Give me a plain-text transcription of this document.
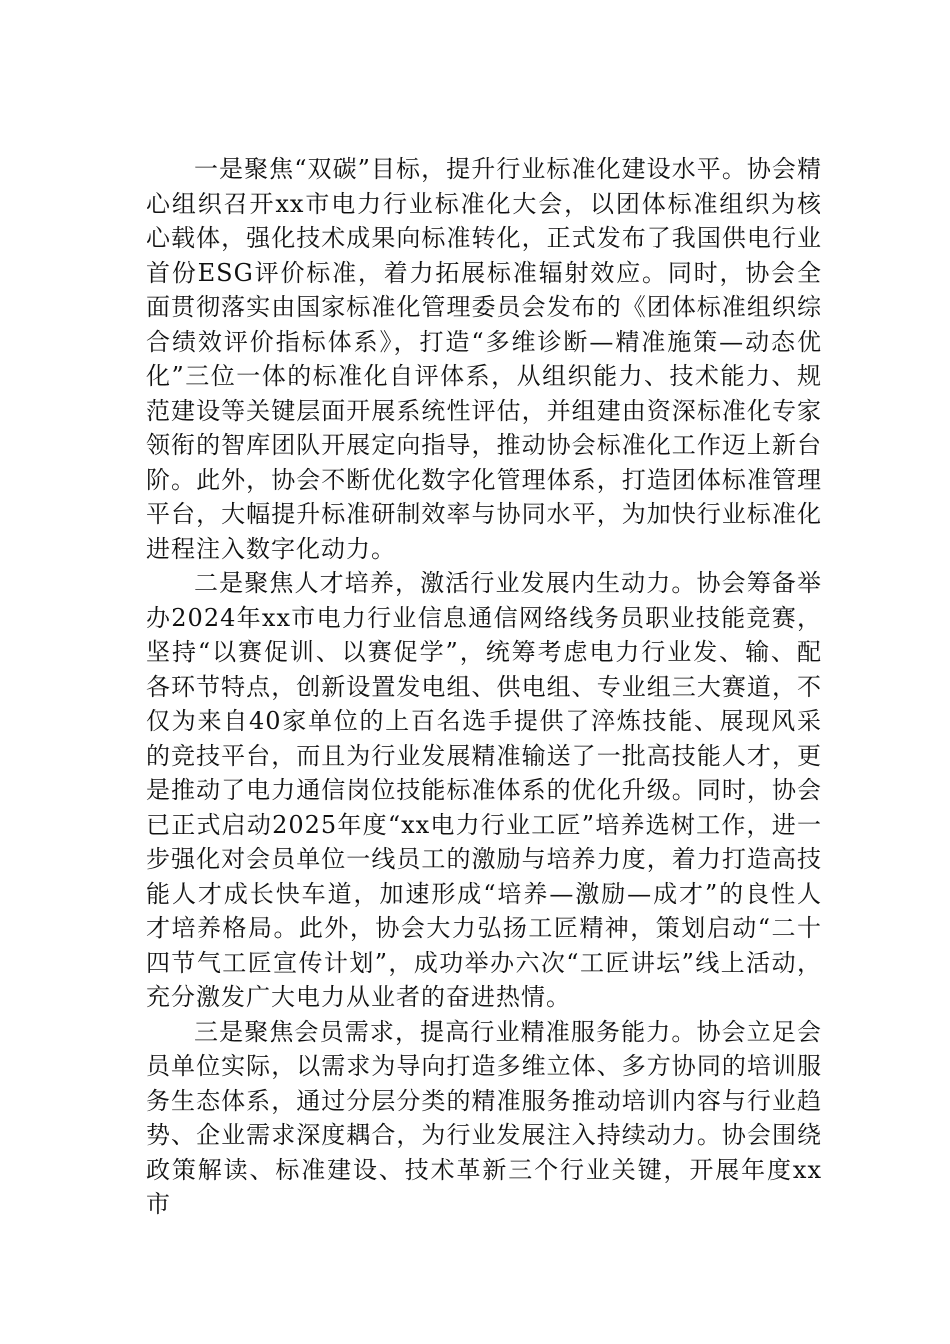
一是聚焦“双碳”目标，提升行业标准化建设水平。协会精心组织召开xx市电力行业标准化大会，以团体标准组织为核心载体，强化技术成果向标准转化，正式发布了我国供电行业首份ESG评价标准，着力拓展标准辐射效应。同时，协会全面贯彻落实由国家标准化管理委员会发布的《团体标准组织综合绩效评价指标体系》，打造“多维诊断—精准施策—动态优化”三位一体的标准化自评体系，从组织能力、技术能力、规范建设等关键层面开展系统性评估，并组建由资深标准化专家领衔的智库团队开展定向指导，推动协会标准化工作迈上新台阶。此外，协会不断优化数字化管理体系，打造团体标准管理平台，大幅提升标准研制效率与协同水平，为加快行业标准化进程注入数字化动力。

二是聚焦人才培养，激活行业发展内生动力。协会筹备举办2024年xx市电力行业信息通信网络线务员职业技能竞赛，坚持“以赛促训、以赛促学”，统筹考虑电力行业发、输、配各环节特点，创新设置发电组、供电组、专业组三大赛道，不仅为来自40家单位的上百名选手提供了淬炼技能、展现风采的竞技平台，而且为行业发展精准输送了一批高技能人才，更是推动了电力通信岗位技能标准体系的优化升级。同时，协会已正式启动2025年度“xx电力行业工匠”培养选树工作，进一步强化对会员单位一线员工的激励与培养力度，着力打造高技能人才成长快车道，加速形成“培养—激励—成才”的良性人才培养格局。此外，协会大力弘扬工匠精神，策划启动“二十四节气工匠宣传计划”，成功举办六次“工匠讲坛”线上活动，充分激发广大电力从业者的奋进热情。

三是聚焦会员需求，提高行业精准服务能力。协会立足会员单位实际，以需求为导向打造多维立体、多方协同的培训服务生态体系，通过分层分类的精准服务推动培训内容与行业趋势、企业需求深度耦合，为行业发展注入持续动力。协会围绕政策解读、标准建设、技术革新三个行业关键，开展年度xx市
